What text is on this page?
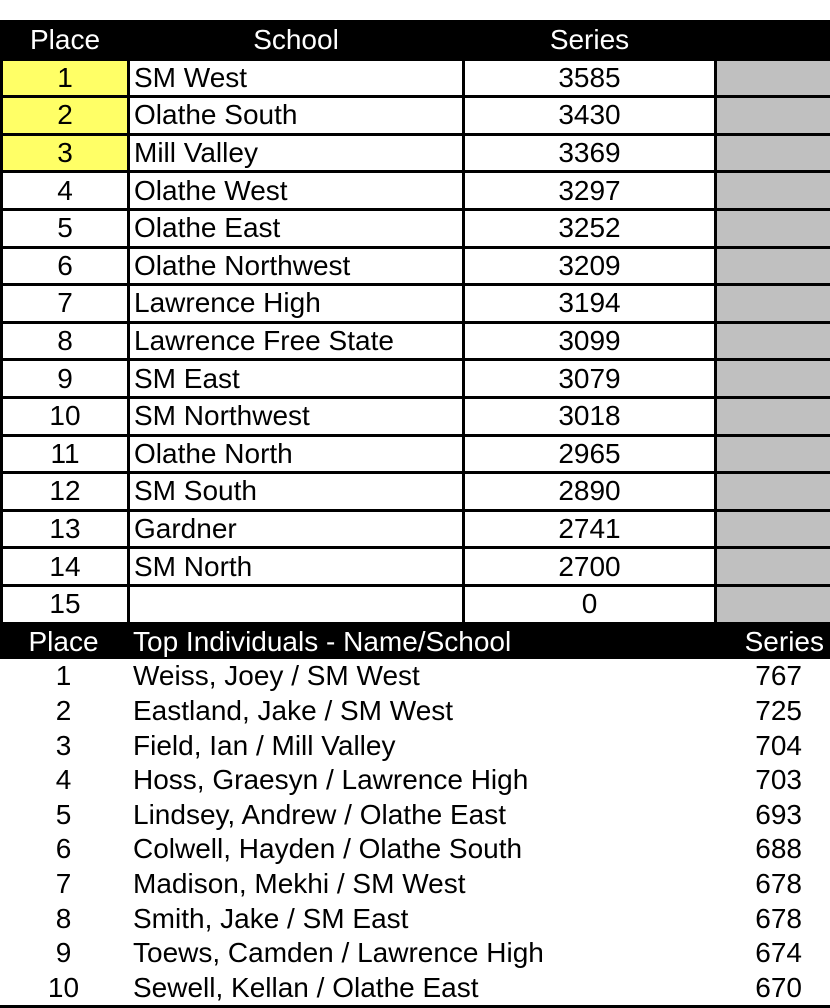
Place	School	Series	
1	SM West	3585	
2	Olathe South	3430	
3	Mill Valley	3369	
4	Olathe West	3297	
5	Olathe East	3252	
6	Olathe Northwest	3209	
7	Lawrence High	3194	
8	Lawrence Free State	3099	
9	SM East	3079	
10	SM Northwest	3018	
11	Olathe North	2965	
12	SM South	2890	
13	Gardner	2741	
14	SM North	2700	
15		0	
Place	Top Individuals - Name/School	Series
1	Weiss, Joey / SM West	767
2	Eastland, Jake / SM West	725
3	Field, Ian / Mill Valley	704
4	Hoss, Graesyn / Lawrence High	703
5	Lindsey, Andrew / Olathe East	693
6	Colwell, Hayden / Olathe South	688
7	Madison, Mekhi / SM West	678
8	Smith, Jake / SM East	678
9	Toews, Camden / Lawrence High	674
10	Sewell, Kellan / Olathe East	670
